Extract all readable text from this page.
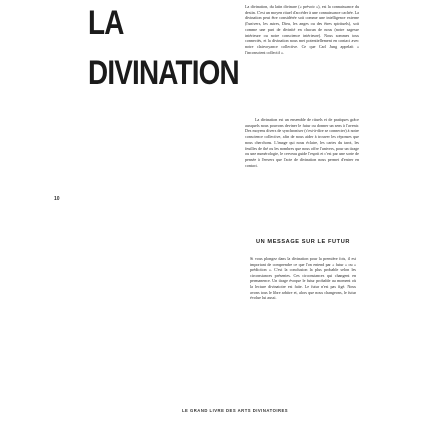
LA
DIVINATION
10

La divination, du latin divinare (« prévoir »), est la connaissance du destin. C'est un moyen rituel d'accéder à une connaissance cachée. La divination peut être considérée soit comme une intelligence externe (l'univers, les astres, Dieu, les anges ou des êtres spirituels), soit comme une part de divinité en chacun de nous (notre sagesse intérieure ou notre conscience intérieure). Nous sommes tous connectés, et la divination nous met potentiellement en contact avec notre clairvoyance collective. Ce que Carl Jung appelait « l'inconscient collectif ».

La divination est un ensemble de rituels et de pratiques grâce auxquels nous pouvons deviner le futur ou donner un sens à l'avenir. Des moyens divers de synchroniser (c'est-à-dire se connecter) à notre conscience collective, afin de nous aider à trouver les réponses que nous cherchons. L'image qui nous éclaire, les cartes du tarot, les feuilles de thé ou les nombres que nous offre l'univers, pour un tirage ou une numérologie, le cerveau guide l'esprit et c'est par une sorte de pensée à l'envers que l'acte de divination nous permet d'entrer en contact.

UN MESSAGE SUR LE FUTUR

Si vous plongez dans la divination pour la première fois, il est important de comprendre ce que l'on entend par « futur » ou « prédiction ». C'est la conclusion la plus probable selon les circonstances présentes. Ces circonstances qui changent en permanence. Un tirage évoque le futur probable au moment où la lecture divinatoire est faite. Le futur n'est pas figé. Nous avons tous le libre arbitre et, alors que nous changeons, le futur évolue lui aussi.

LE GRAND LIVRE DES ARTS DIVINATOIRES
